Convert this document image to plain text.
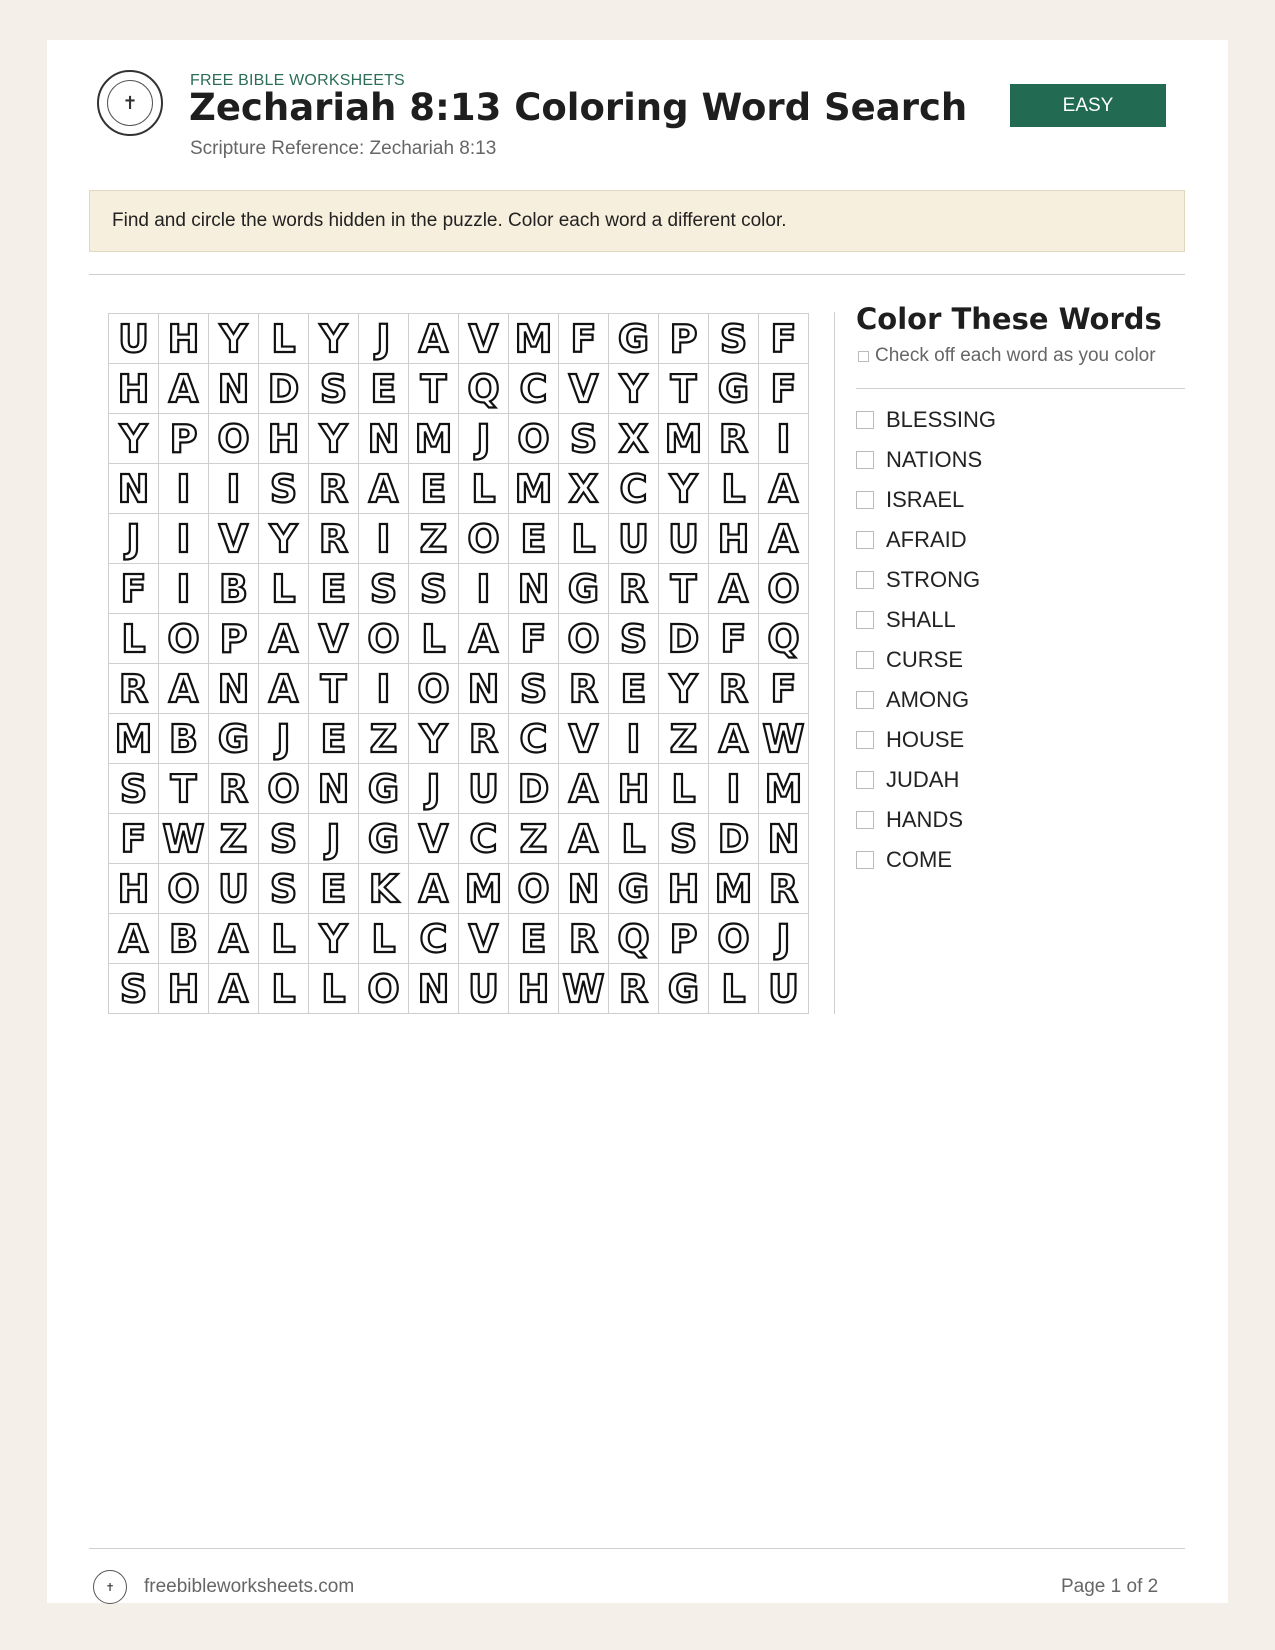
✝
FREE BIBLE WORKSHEETS
Zechariah 8:13 Coloring Word Search
Scripture Reference: Zechariah 8:13
EASY
Find and circle the words hidden in the puzzle. Color each word a different color.
U H Y L Y J A V M F G P S F
H A N D S E T Q C V Y T G F
Y P O H Y N M J O S X M R I
N I I S R A E L M X C Y L A
J I V Y R I Z O E L U U H A
F I B L E S S I N G R T A O
L O P A V O L A F O S D F Q
R A N A T I O N S R E Y R F
M B G J E Z Y R C V I Z A W
S T R O N G J U D A H L I M
F W Z S J G V C Z A L S D N
H O U S E K A M O N G H M R
A B A L Y L C V E R Q P O J
S H A L L O N U H W R G L U
Color These Words
Check off each word as you color
BLESSING
NATIONS
ISRAEL
AFRAID
STRONG
SHALL
CURSE
AMONG
HOUSE
JUDAH
HANDS
COME
✝	freebibleworksheets.com	Page 1 of 2
